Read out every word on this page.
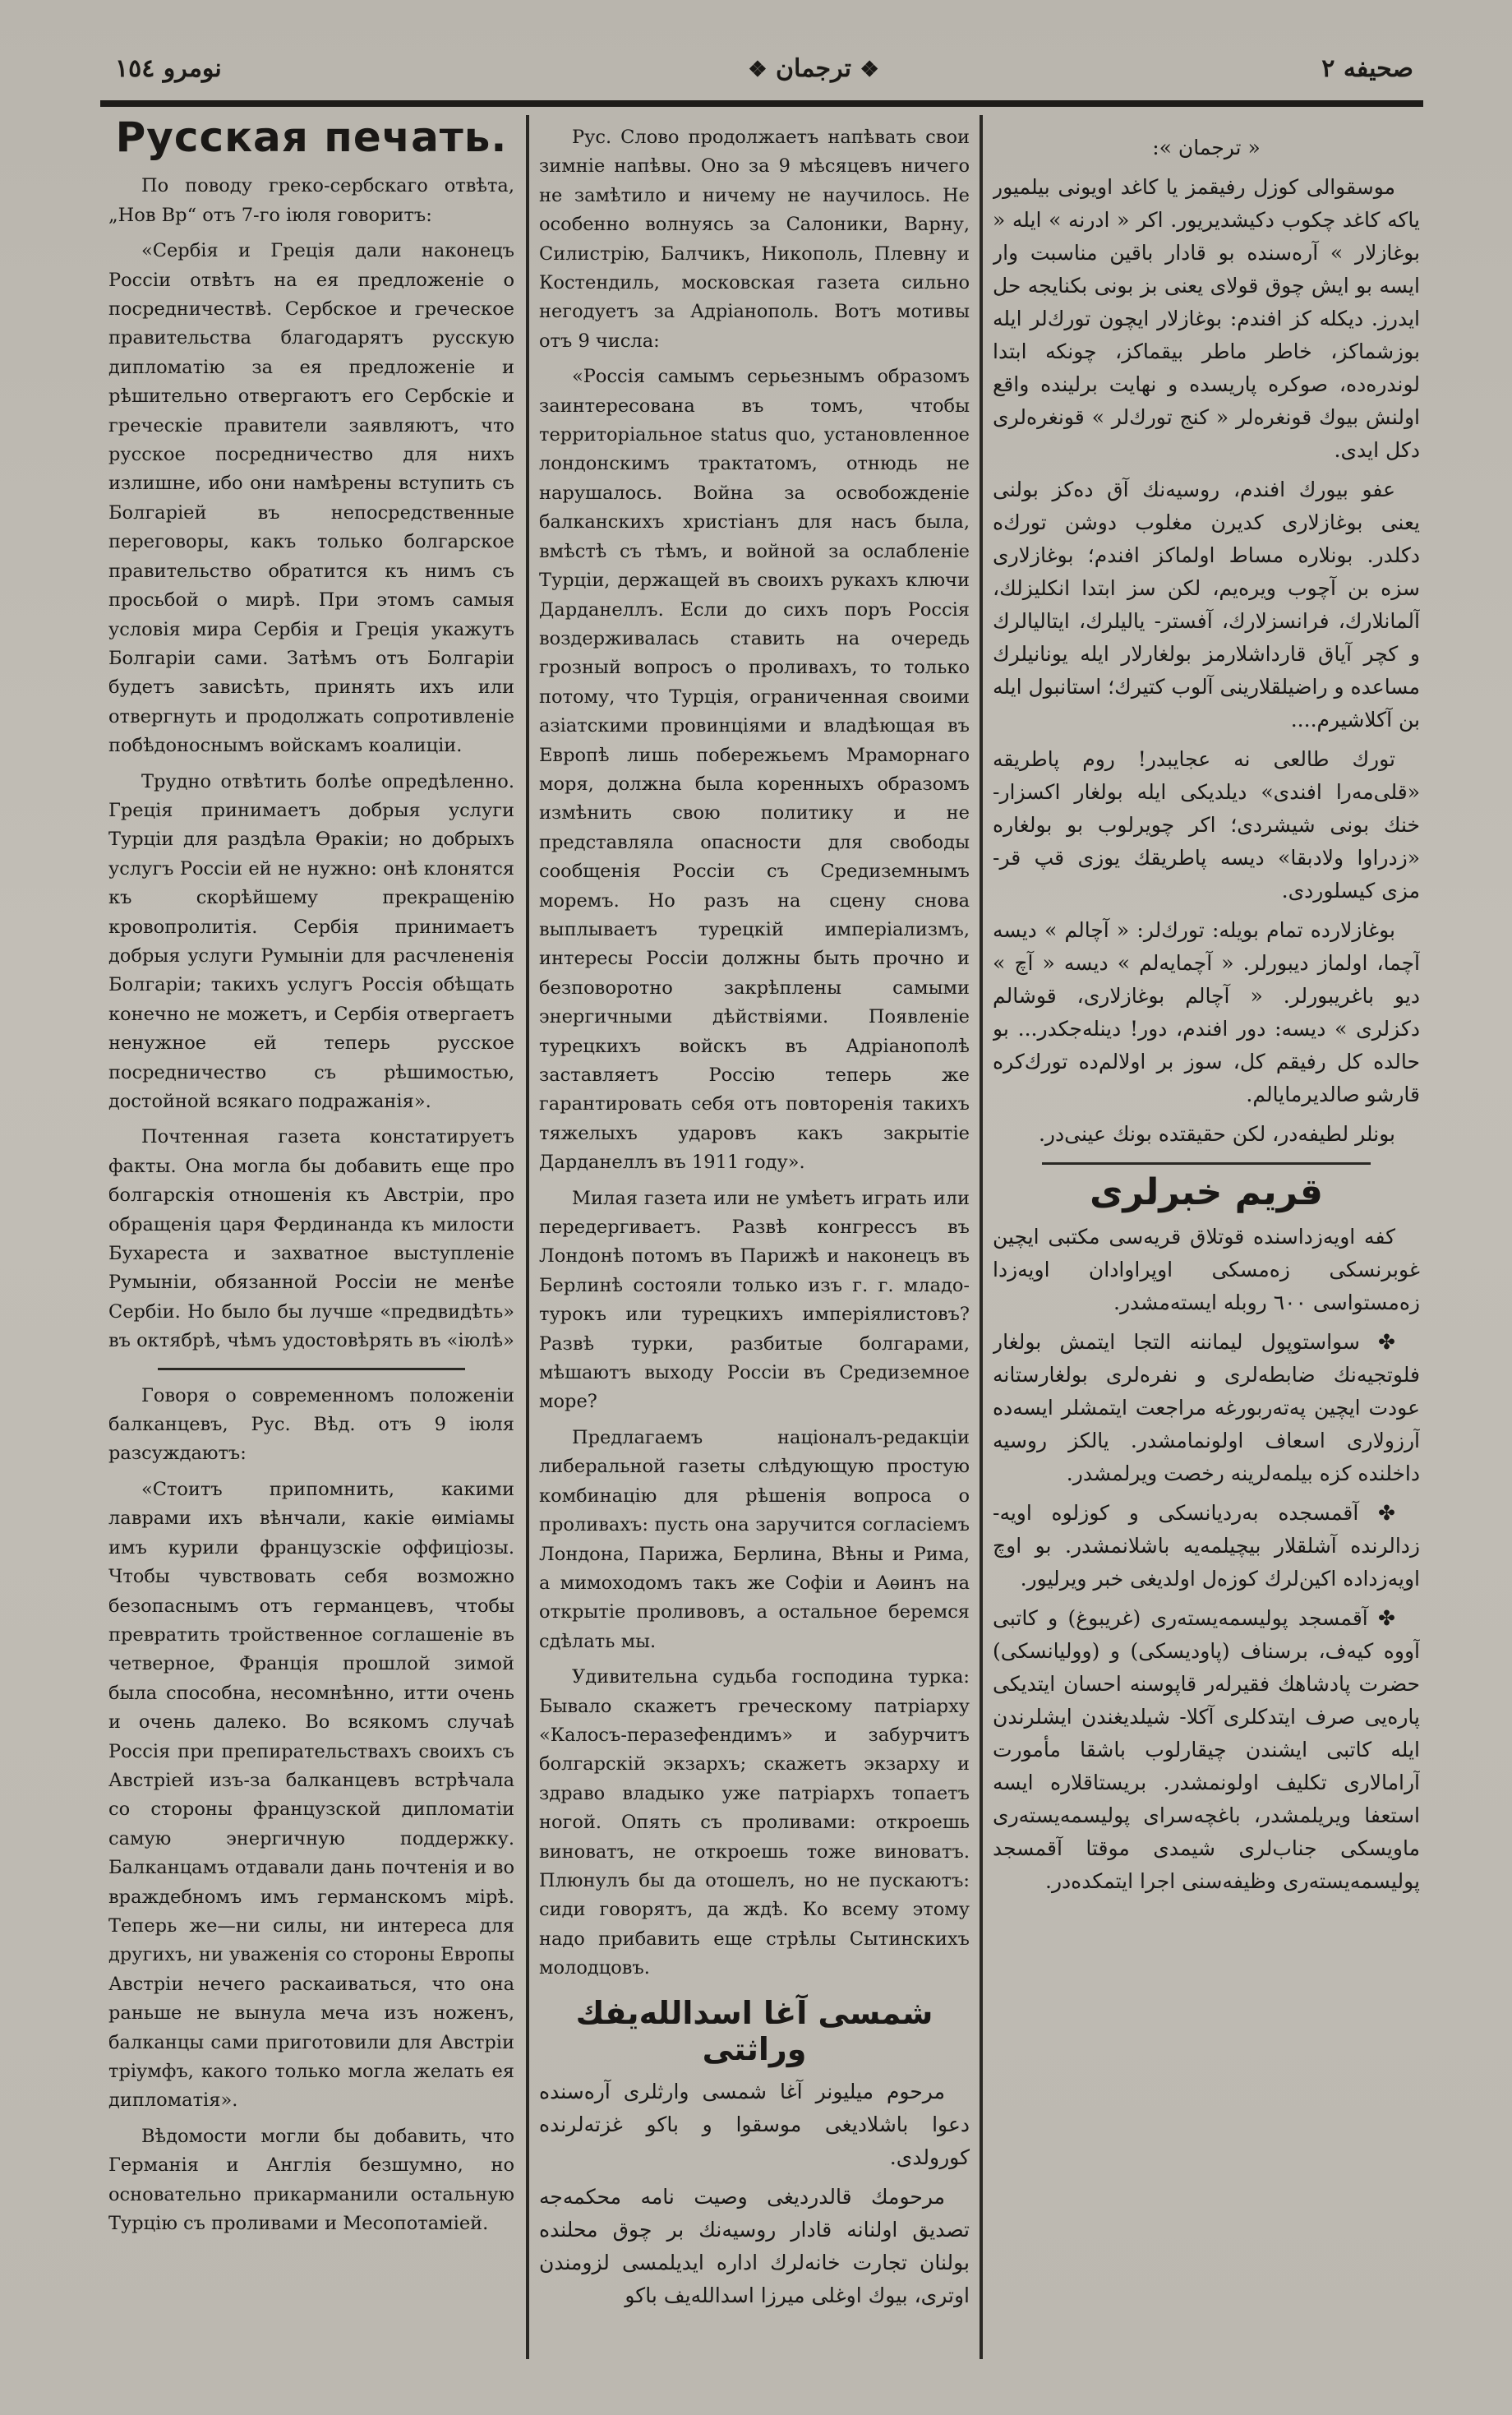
نومرو ١٥٤	❖ ترجمان ❖	صحيفه ٢
Русская печать.

По поводу греко-сербскаго отвѣта, „Нов Вр“ отъ 7-го іюля говоритъ:

«Сербія и Греція дали наконецъ Россіи отвѣтъ на ея предложеніе о посредничествѣ. Сербское и греческое правительства благодарятъ русскую дипломатію за ея предложеніе и рѣшительно отвергаютъ его Сербскіе и греческіе правители заявляютъ, что русское посредничество для нихъ излишне, ибо они намѣрены вступить съ Болгаріей въ непосредственные переговоры, какъ только болгарское правительство обратится къ нимъ съ просьбой о мирѣ. При этомъ самыя условія мира Сербія и Греція укажутъ Болгаріи сами. Затѣмъ отъ Болгаріи будетъ зависѣть, принять ихъ или отвергнуть и продолжать сопротивленіе побѣдоноснымъ войскамъ коалиціи.

Трудно отвѣтить болѣе опредѣленно. Греція принимаетъ добрыя услуги Турціи для раздѣла Ѳракіи; но добрыхъ услугъ Россіи ей не нужно: онѣ клонятся къ скорѣйшему прекращенію кровопролитія. Сербія принимаетъ добрыя услуги Румыніи для расчлененія Болгаріи; такихъ услугъ Россія обѣщать конечно не можетъ, и Сербія отвергаетъ ненужное ей теперь русское посредничество съ рѣшимостью, достойной всякаго подражанія».

Почтенная газета констатируетъ факты. Она могла бы добавить еще про болгарскія отношенія къ Австріи, про обращенія царя Фердинанда къ милости Бухареста и захватное выступленіе Румыніи, обязанной Россіи не менѣе Сербіи. Но было бы лучше «предвидѣть» въ октябрѣ, чѣмъ удостовѣрять въ «іюлѣ»

Говоря о современномъ положеніи балканцевъ, Рус. Вѣд. отъ 9 іюля разсуждаютъ:

«Стоитъ припомнить, какими лаврами ихъ вѣнчали, какіе ѳиміамы имъ курили французскіе оффиціозы. Чтобы чувствовать себя возможно безопаснымъ отъ германцевъ, чтобы превратить тройственное соглашеніе въ четверное, Франція прошлой зимой была способна, несомнѣнно, итти очень и очень далеко. Во всякомъ случаѣ Россія при препирательствахъ своихъ съ Австріей изъ-за балканцевъ встрѣчала со стороны французской дипломатіи самую энергичную поддержку. Балканцамъ отдавали дань почтенія и во враждебномъ имъ германскомъ мірѣ. Теперь же—ни силы, ни интереса для другихъ, ни уваженія со стороны Европы Австріи нечего раскаиваться, что она раньше не вынула меча изъ ноженъ, балканцы сами приготовили для Австріи тріумфъ, какого только могла желать ея дипломатія».

Вѣдомости могли бы добавить, что Германія и Англія безшумно, но основательно прикарманили остальную Турцію съ проливами и Месопотаміей.

Рус. Слово продолжаетъ напѣвать свои зимніе напѣвы. Оно за 9 мѣсяцевъ ничего не замѣтило и ничему не научилось. Не особенно волнуясь за Салоники, Варну, Силистрію, Балчикъ, Никополь, Плевну и Костендиль, московская газета сильно негодуетъ за Адріанополь. Вотъ мотивы отъ 9 числа:

«Россія самымъ серьезнымъ образомъ заинтересована въ томъ, чтобы территоріальное status quo, установленное лондонскимъ трактатомъ, отнюдь не нарушалось. Война за освобожденіе балканскихъ христіанъ для насъ была, вмѣстѣ съ тѣмъ, и войной за ослабленіе Турціи, держащей въ своихъ рукахъ ключи Дарданеллъ. Если до сихъ поръ Россія воздерживалась ставить на очередь грозный вопросъ о проливахъ, то только потому, что Турція, ограниченная своими азіатскими провинціями и владѣющая въ Европѣ лишь побережьемъ Мраморнаго моря, должна была коренныхъ образомъ измѣнить свою политику и не представляла опасности для свободы сообщенія Россіи съ Средиземнымъ моремъ. Но разъ на сцену снова выплываетъ турецкій имперіализмъ, интересы Россіи должны быть прочно и безповоротно закрѣплены самыми энергичными дѣйствіями. Появленіе турецкихъ войскъ въ Адріанополѣ заставляетъ Россію теперь же гарантировать себя отъ повторенія такихъ тяжелыхъ ударовъ какъ закрытіе Дарданеллъ въ 1911 году».

Милая газета или не умѣетъ играть или передергиваетъ. Развѣ конгрессъ въ Лондонѣ потомъ въ Парижѣ и наконецъ въ Берлинѣ состояли только изъ г. г. младо-турокъ или турецкихъ имперіялистовъ? Развѣ турки, разбитые болгарами, мѣшаютъ выходу Россіи въ Средиземное море?

Предлагаемъ націоналъ-редакціи либеральной газеты слѣдующую простую комбинацію для рѣшенія вопроса о проливахъ: пусть она заручится согласіемъ Лондона, Парижа, Берлина, Вѣны и Рима, а мимоходомъ такъ же Софіи и Аѳинъ на открытіе проливовъ, а остальное беремся сдѣлать мы.

Удивительна судьба господина турка: Бывало скажетъ греческому патріарху «Калосъ-перазефендимъ» и забурчитъ болгарскій экзархъ; скажетъ экзарху и здраво владыко уже патріархъ топаетъ ногой. Опять съ проливами: откроешь виноватъ, не откроешь тоже виноватъ. Плюнулъ бы да отошелъ, но не пускаютъ: сиди говорятъ, да ждѣ. Ко всему этому надо прибавить еще стрѣлы Сытинскихъ молодцовъ.

شمسى آغا اسداللەيفك وراثتى

مرحوم ميليونر آغا شمسى وارثلرى آرەسندە دعوا باشلاديغى موسقوا و باكو غزتەلرندە كورولدى.

مرحومك قالدرديغى وصيت نامه محكمەجه تصديق اولنانه قادار روسيەنك بر چوق محلندە بولنان تجارت خانەلرك اداره ايديلمسى لزومندن اوترى، بيوك اوغلى ميرزا اسداللەيف باكو

« ترجمان »:

موسقوالى كوزل رفيقمز يا كاغد اويونى بيلميور ياكه كاغد چكوب دكيشديريور. اكر « ادرنه » ايله « بوغازلار » آرەسندە بو قادار باقين مناسبت وار ايسه بو ايش چوق قولاى يعنى بز بونى بكنايجه حل ايدرز. ديكله كز افندم: بوغازلار ايچون تورك‌لر ايله بوزشماكز، خاطر ماطر بيقماكز، چونكه ابتدا لوندرەده، صوكره پاريسده و نهايت برليندە واقع اولنش بيوك قونغرەلر « كنج تورك‌لر » قونغرەلرى دكل ايدى.

عفو بيورك افندم، روسيەنك آق دەكز بولنى يعنى بوغازلارى كديرن مغلوب دوشن تورك‌ه دكلدر. بونلاره مساط اولماكز افندم؛ بوغازلارى سزه بن آچوب ويرەيم، لكن سز ابتدا انكليزلك، آلمانلارك، فرانسزلارك، آفستر- ياليلرك، ايتاليالرك و كچر آياق قارداشلارمز بولغارلار ايله يونانيلرك مساعده و راضيلقلارينى آلوب كتيرك؛ استانبول ايله بن آكلاشيرم....

تورك طالعى نه عجايبدر! روم پاطريقه «قلى‌مەرا افندى» ديلديكى ايله بولغار اكسزار- خنك بونى شيشردى؛ اكر چويرلوب بو بولغارە «زدراوا ولادبقا» ديسه پاطريقك يوزى قپ قر- مزى كيسلوردى.

بوغازلارده تمام بويله: تورك‌لر: « آچالم » ديسه آچما، اولماز ديبورلر. « آچمايەلم » ديسه « آچ » ديو باغريبورلر. « آچالم بوغازلارى، قوشالم دكزلرى » ديسه: دور افندم، دور! دينلەجكدر... بو حالده كل رفيقم كل، سوز بر اولالم‌ده تورك‌كره قارشو صالديرمايالم.

بونلر لطيفەدر، لكن حقيقتده بونك عينى‌در.

قريم خبرلرى

كفه اويەزداسندە قوتلاق قريەسى مكتبى ايچين غوبرنسكى زەمسكى اوپراوادان اويەزدا زەمستواسى ٦٠٠ روبله ايستەمشدر.

✤ سواستوپول ليماننه التجا ايتمش بولغار فلوتجيەنك ضابطەلرى و نفرەلرى بولغارستانه عودت ايچين پەتەربورغه مراجعت ايتمشلر ايسەده آرزولارى اسعاف اولونمامشدر. يالكز روسيه داخلنده كزه بيلمه‌لرينه رخصت ويرلمشدر.

✤ آقمسجده بەردیانسکی و كوزلوه اويه- زدالرنده آشلقلار بيچيلمه‌يه باشلانمشدر. بو اوچ اويەزدادە اكين‌لرك كوزەل اولديغى خبر ويرليور.

✤ آقمسجد پوليسمەيستەرى (غريبوغ) و كاتبى آووه كيەف، برسناف (پاوديسكى) و (ووليانسكى) حضرت پادشاهك فقيرلەر قاپوسنه احسان ايتديكى پارەيى صرف ايتدكلرى آكلا- شيلديغندن ايشلرندن ايله كاتبى ايشندن چيقارلوب باشقا مأمورت آرامالارى تكليف اولونمشدر. بريستاقلاره ايسه استعفا ويريلمشدر، باغچەسراى پوليسمەيستەرى ماويسكى جناب‌لرى شيمدى موقتا آقمسجد پوليسمەيستەرى وظيفەسنى اجرا ايتمكدەدر.
